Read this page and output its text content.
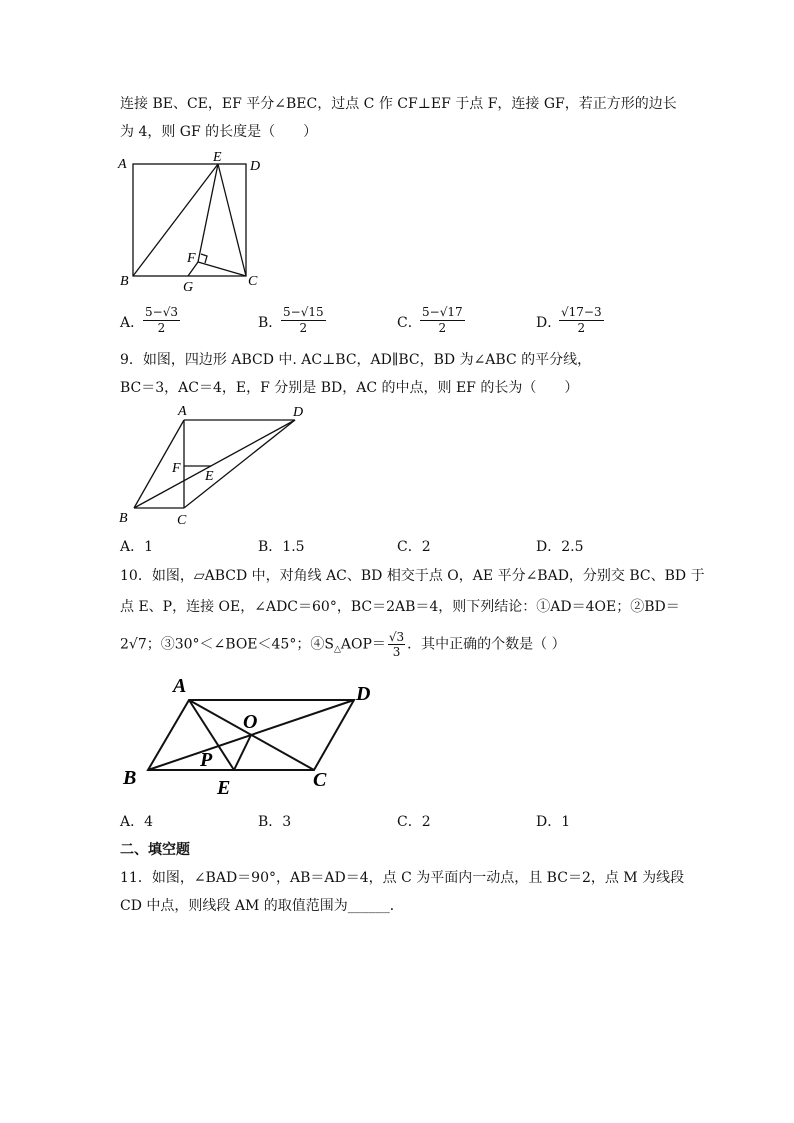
连接 BE、CE，EF 平分∠BEC，过点 C 作 CF⊥EF 于点 F，连接 GF，若正方形的边长
为 4，则 GF 的长度是（　　）
A	E
D
F
B	G	C
A．
$\frac{5-√3}{2}$	B．
$\frac{5-√15}{2}$	C．
$\frac{5-√17}{2}$	D．
$\frac{√17-3}{2}$
9．如图，四边形 ABCD 中. AC⊥BC，AD∥BC，BD 为∠ABC 的平分线，
BC＝3，AC＝4，E，F 分别是 BD，AC 的中点，则 EF 的长为（　　）
A	D
F
E
B	C
A．1	B．1.5	C．2	D．2.5
10．如图，▱ABCD 中，对角线 AC、BD 相交于点 O，AE 平分∠BAD，分别交 BC、BD 于
点 E、P，连接 OE，∠ADC＝60°，BC＝2AB＝4，则下列结论：①AD＝4OE；②BD＝
2√7；③30°＜∠BOE＜45°；$④S_\triangle AOP= \frac{√3}{3}$ ．其中正确的个数是（ ）
A	D
O
P
B	E	C
A．4	B．3	C．2	D．1
二、填空题
11．如图，∠BAD＝90°，AB＝AD＝4，点 C 为平面内一动点，且 BC＝2，点 M 为线段
CD 中点，则线段 AM 的取值范围为______．
